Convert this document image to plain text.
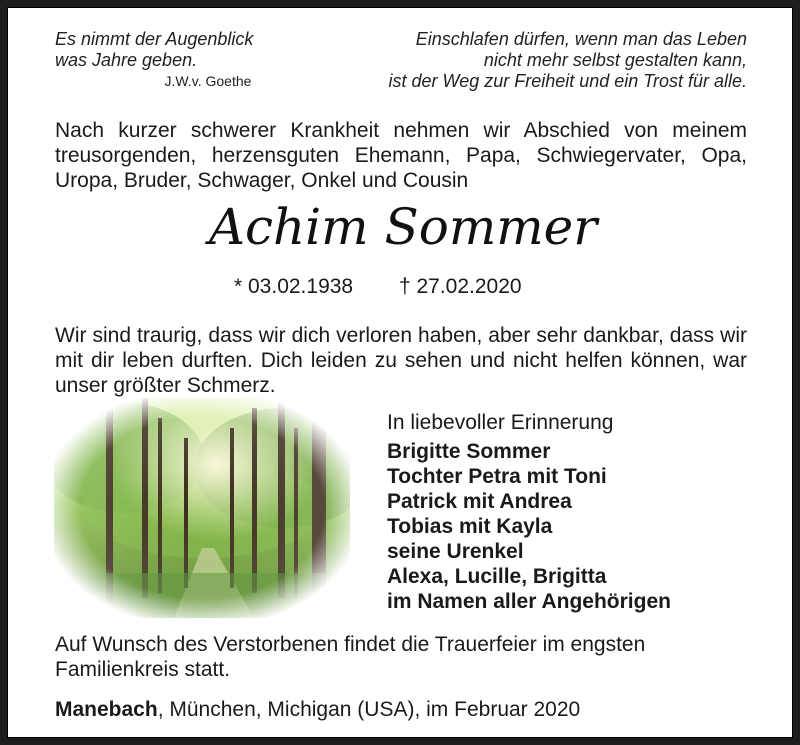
Es nimmt der Augenblick
was Jahre geben.
J.W.v. Goethe
Einschlafen dürfen, wenn man das Leben
nicht mehr selbst gestalten kann,
ist der Weg zur Freiheit und ein Trost für alle.
Nach kurzer schwerer Krankheit nehmen wir Abschied von meinem treusorgenden, herzensguten Ehemann, Papa, Schwiegervater, Opa, Uropa, Bruder, Schwager, Onkel und Cousin
Achim Sommer
* 03.02.1938 † 27.02.2020
Wir sind traurig, dass wir dich verloren haben, aber sehr dankbar, dass wir mit dir leben durften. Dich leiden zu sehen und nicht helfen können, war unser größter Schmerz.
In liebevoller Erinnerung
Brigitte Sommer
Tochter Petra mit Toni
Patrick mit Andrea
Tobias mit Kayla
seine Urenkel
Alexa, Lucille, Brigitta
im Namen aller Angehörigen
Auf Wunsch des Verstorbenen findet die Trauerfeier im engsten Familienkreis statt.
Manebach, München, Michigan (USA), im Februar 2020
